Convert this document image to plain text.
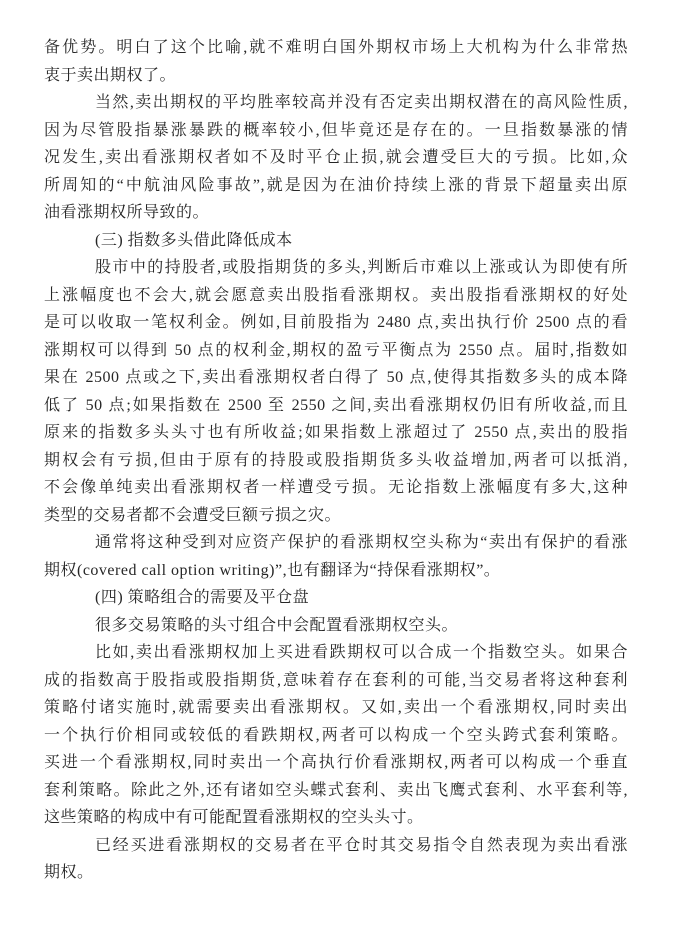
备优势。明白了这个比喻,就不难明白国外期权市场上大机构为什么非常热
衷于卖出期权了。
当然,卖出期权的平均胜率较高并没有否定卖出期权潜在的高风险性质,
因为尽管股指暴涨暴跌的概率较小,但毕竟还是存在的。一旦指数暴涨的情
况发生,卖出看涨期权者如不及时平仓止损,就会遭受巨大的亏损。比如,众
所周知的“中航油风险事故”,就是因为在油价持续上涨的背景下超量卖出原
油看涨期权所导致的。
(三) 指数多头借此降低成本
股市中的持股者,或股指期货的多头,判断后市难以上涨或认为即使有所
上涨幅度也不会大,就会愿意卖出股指看涨期权。卖出股指看涨期权的好处
是可以收取一笔权利金。例如,目前股指为 2480 点,卖出执行价 2500 点的看
涨期权可以得到 50 点的权利金,期权的盈亏平衡点为 2550 点。届时,指数如
果在 2500 点或之下,卖出看涨期权者白得了 50 点,使得其指数多头的成本降
低了 50 点;如果指数在 2500 至 2550 之间,卖出看涨期权仍旧有所收益,而且
原来的指数多头头寸也有所收益;如果指数上涨超过了 2550 点,卖出的股指
期权会有亏损,但由于原有的持股或股指期货多头收益增加,两者可以抵消,
不会像单纯卖出看涨期权者一样遭受亏损。无论指数上涨幅度有多大,这种
类型的交易者都不会遭受巨额亏损之灾。
通常将这种受到对应资产保护的看涨期权空头称为“卖出有保护的看涨
期权(covered call option writing)”,也有翻译为“持保看涨期权”。
(四) 策略组合的需要及平仓盘
很多交易策略的头寸组合中会配置看涨期权空头。
比如,卖出看涨期权加上买进看跌期权可以合成一个指数空头。如果合
成的指数高于股指或股指期货,意味着存在套利的可能,当交易者将这种套利
策略付诸实施时,就需要卖出看涨期权。又如,卖出一个看涨期权,同时卖出
一个执行价相同或较低的看跌期权,两者可以构成一个空头跨式套利策略。
买进一个看涨期权,同时卖出一个高执行价看涨期权,两者可以构成一个垂直
套利策略。除此之外,还有诸如空头蝶式套利、卖出飞鹰式套利、水平套利等,
这些策略的构成中有可能配置看涨期权的空头头寸。
已经买进看涨期权的交易者在平仓时其交易指令自然表现为卖出看涨
期权。
